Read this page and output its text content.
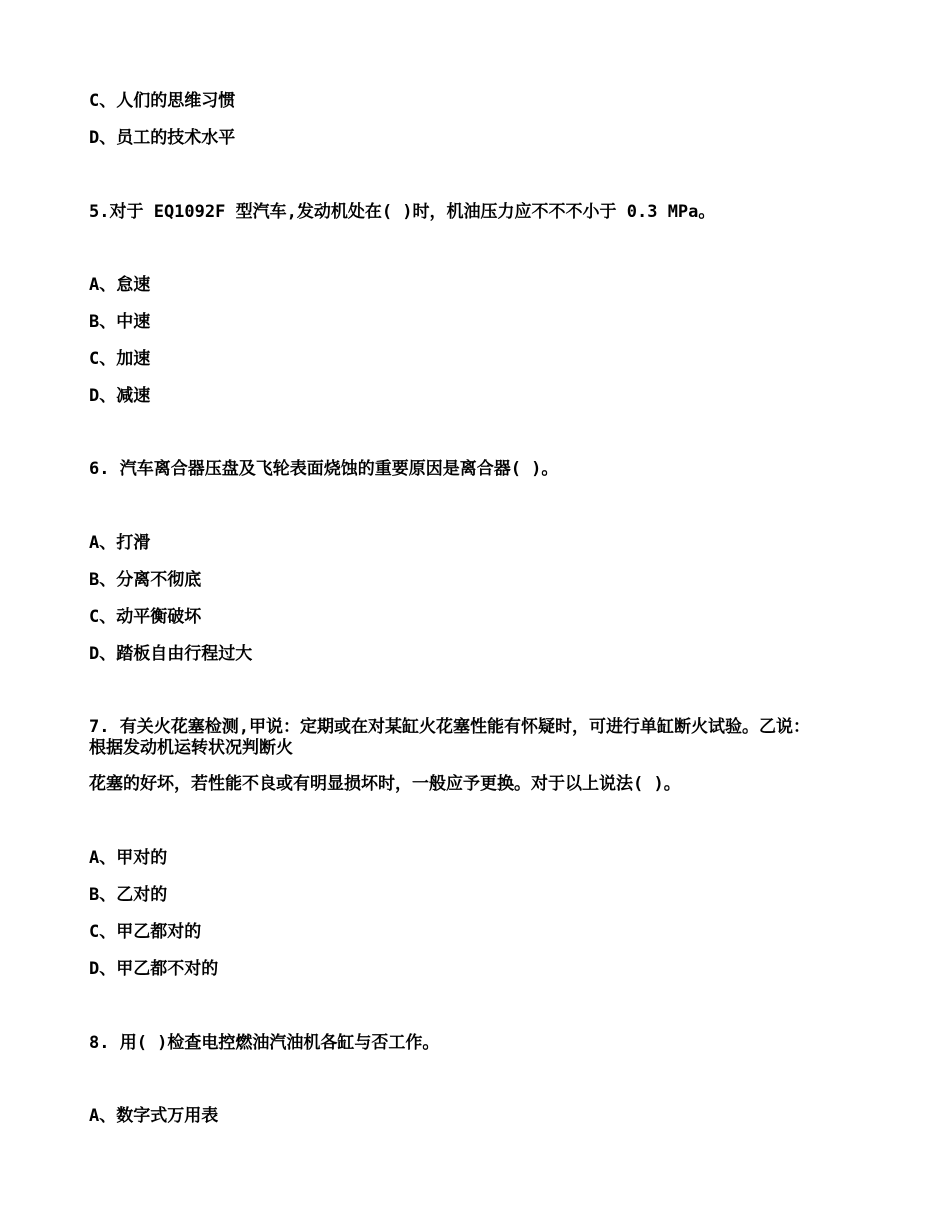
C、人们的思维习惯
D、员工的技术水平
5.对于 EQ1092F 型汽车,发动机处在( )时，机油压力应不不不小于 0.3 MPa。
A、怠速
B、中速
C、加速
D、减速
6. 汽车离合器压盘及飞轮表面烧蚀的重要原因是离合器( )。
A、打滑
B、分离不彻底
C、动平衡破坏
D、踏板自由行程过大
7. 有关火花塞检测,甲说：定期或在对某缸火花塞性能有怀疑时，可进行单缸断火试验。乙说：
根据发动机运转状况判断火
花塞的好坏，若性能不良或有明显损坏时，一般应予更换。对于以上说法( )。
A、甲对的
B、乙对的
C、甲乙都对的
D、甲乙都不对的
8. 用( )检查电控燃油汽油机各缸与否工作。
A、数字式万用表
